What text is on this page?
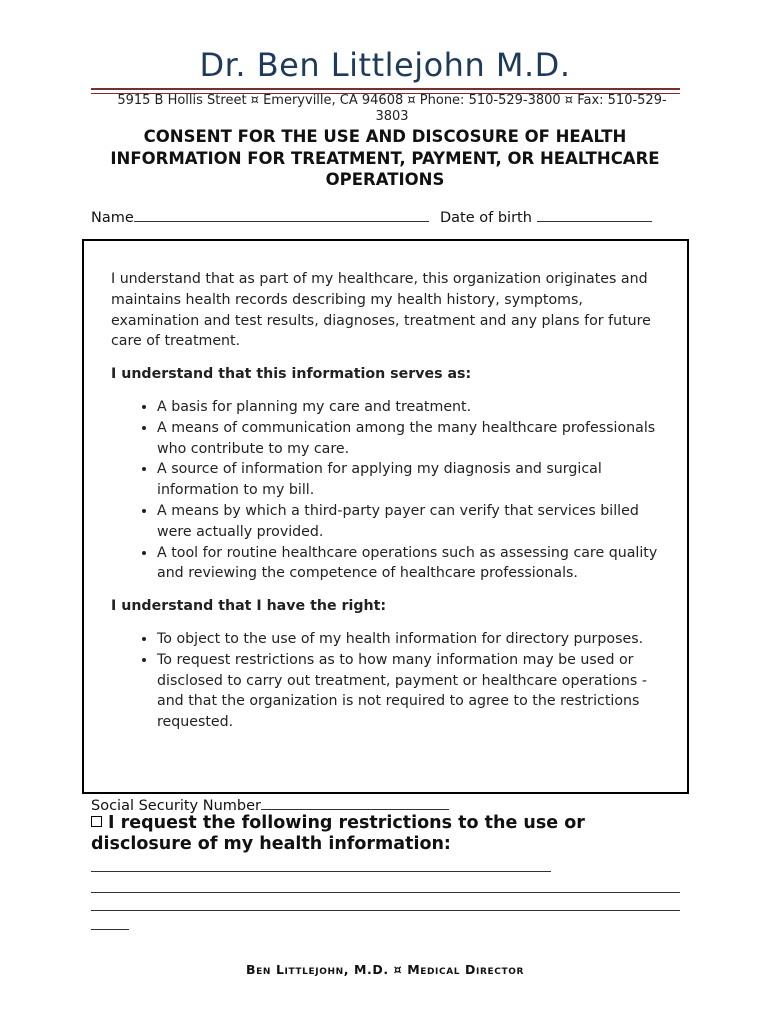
Dr. Ben Littlejohn M.D.
5915 B Hollis Street ¤ Emeryville, CA 94608 ¤ Phone: 510-529-3800 ¤ Fax: 510-529-3803
CONSENT FOR THE USE AND DISCOSURE OF HEALTH INFORMATION FOR TREATMENT, PAYMENT, OR HEALTHCARE OPERATIONS
Name	Date of birth

I understand that as part of my healthcare, this organization originates and maintains health records describing my health history, symptoms, examination and test results, diagnoses, treatment and any plans for future care of treatment.

I understand that this information serves as:
• A basis for planning my care and treatment.
• A means of communication among the many healthcare professionals who contribute to my care.
• A source of information for applying my diagnosis and surgical information to my bill.
• A means by which a third-party payer can verify that services billed were actually provided.
• A tool for routine healthcare operations such as assessing care quality and reviewing the competence of healthcare professionals.
I understand that I have the right:
• To object to the use of my health information for directory purposes.
• To request restrictions as to how many information may be used or disclosed to carry out treatment, payment or healthcare operations - and that the organization is not required to agree to the restrictions requested.
Social Security Number
I request the following restrictions to the use or disclosure of my health information:
Ben Littlejohn, M.D. ¤ Medical Director
